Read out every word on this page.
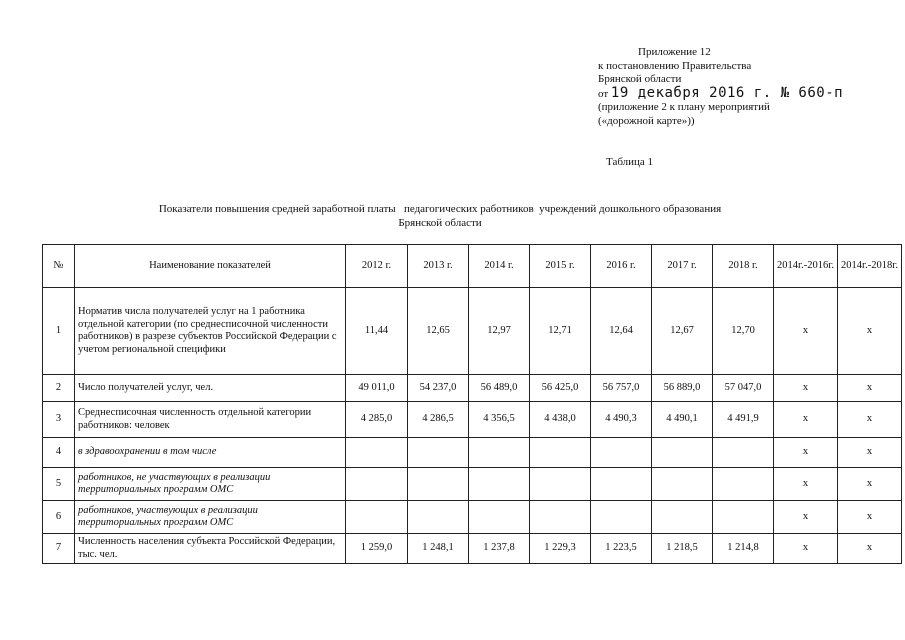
Приложение 12
к постановлению Правительства
Брянской области
от 19 декабря 2016 г. № 660-п
(приложение 2 к плану мероприятий
(«дорожной карте»))
Таблица 1
Показатели повышения средней заработной платы   педагогических работников  учреждений дошкольного образования
Брянской области
№	Наименование показателей	2012 г.	2013 г.	2014 г.	2015 г.	2016 г.	2017 г.	2018 г.	2014г.-2016г.	2014г.-2018г.
1	Норматив числа получателей услуг на 1 работника отдельной категории (по среднесписочной численности работников) в разрезе субъектов Российской Федерации с учетом региональной специфики	11,44	12,65	12,97	12,71	12,64	12,67	12,70	х	х
2	Число получателей услуг, чел.	49 011,0	54 237,0	56 489,0	56 425,0	56 757,0	56 889,0	57 047,0	х	х
3	Среднесписочная численность отдельной категории работников: человек	4 285,0	4 286,5	4 356,5	4 438,0	4 490,3	4 490,1	4 491,9	х	х
4	в здравоохранении в том числе								х	х
5	работников, не участвующих в реализации территориальных программ ОМС								х	х
6	работников, участвующих в реализации территориальных программ ОМС								х	х
7	Численность населения субъекта Российской Федерации, тыс. чел.	1 259,0	1 248,1	1 237,8	1 229,3	1 223,5	1 218,5	1 214,8	х	х
